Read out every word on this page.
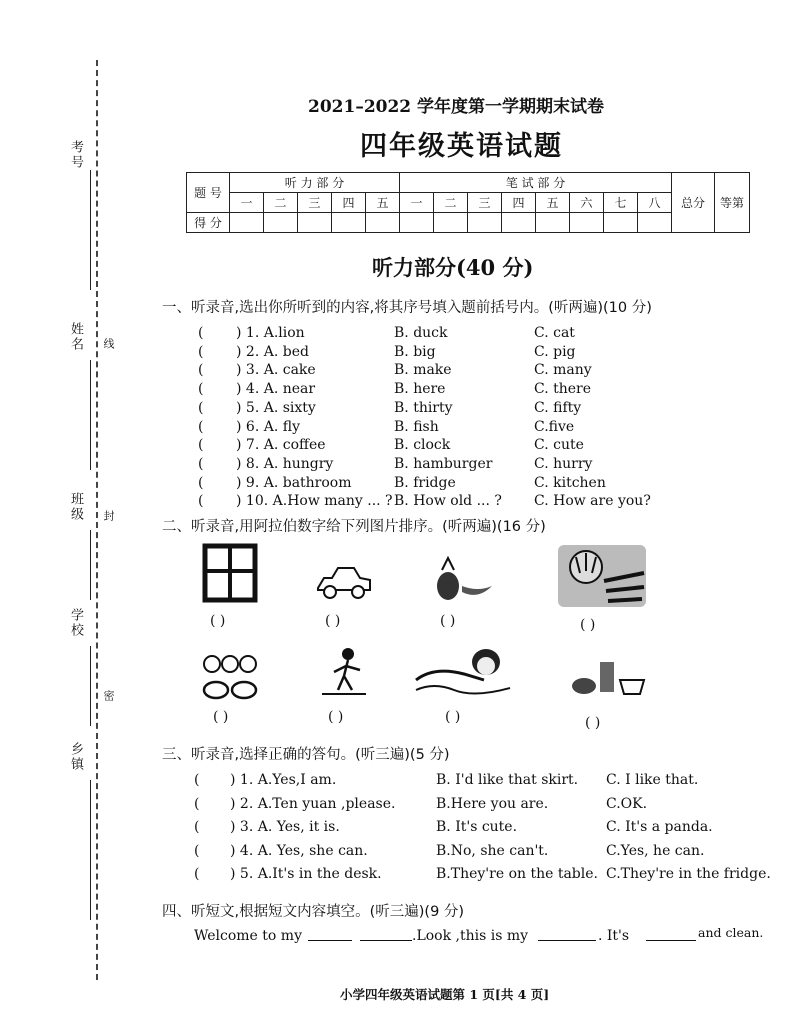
考号
姓名
班级
学校
乡镇
线
封
密
2021–2022 学年度第一学期期末试卷
四年级英语试题
题 号	听 力 部 分					笔 试 部 分								总分	等第
	一	二	三	四	五	一	二	三	四	五	六	七	八		
得 分															
听力部分(40 分)
一、听录音,选出你所听到的内容,将其序号填入题前括号内。(听两遍)(10 分)
( ) 1. A.lion	B. duck	C. cat
( ) 2. A. bed	B. big	C. pig
( ) 3. A. cake	B. make	C. many
( ) 4. A. near	B. here	C. there
( ) 5. A. sixty	B. thirty	C. fifty
( ) 6. A. fly	B. fish	C.five
( ) 7. A. coffee	B. clock	C. cute
( ) 8. A. hungry	B. hamburger	C. hurry
( ) 9. A. bathroom	B. fridge	C. kitchen
( ) 10. A.How many ... ? B. How old ... ? C. How are you?
二、听录音,用阿拉伯数字给下列图片排序。(听两遍)(16 分)
( )	( )	( )	( )
( )	( )	( )	( )
三、听录音,选择正确的答句。(听三遍)(5 分)
( ) 1. A.Yes,I am.	B. I'd like that skirt. C. I like that.
( ) 2. A.Ten yuan ,please.	B.Here you are.	C.OK.
( ) 3. A. Yes, it is.	B. It's cute.	C. It's a panda.
( ) 4. A. Yes, she can.	B.No, she can't.	C.Yes, he can.
( ) 5. A.It's in the desk.	B.They're on the table. C.They're in the fridge.
四、听短文,根据短文内容填空。(听三遍)(9 分)
Welcome to my	.Look ,this is my	. It's	and clean.
小学四年级英语试题第 1 页[共 4 页]
